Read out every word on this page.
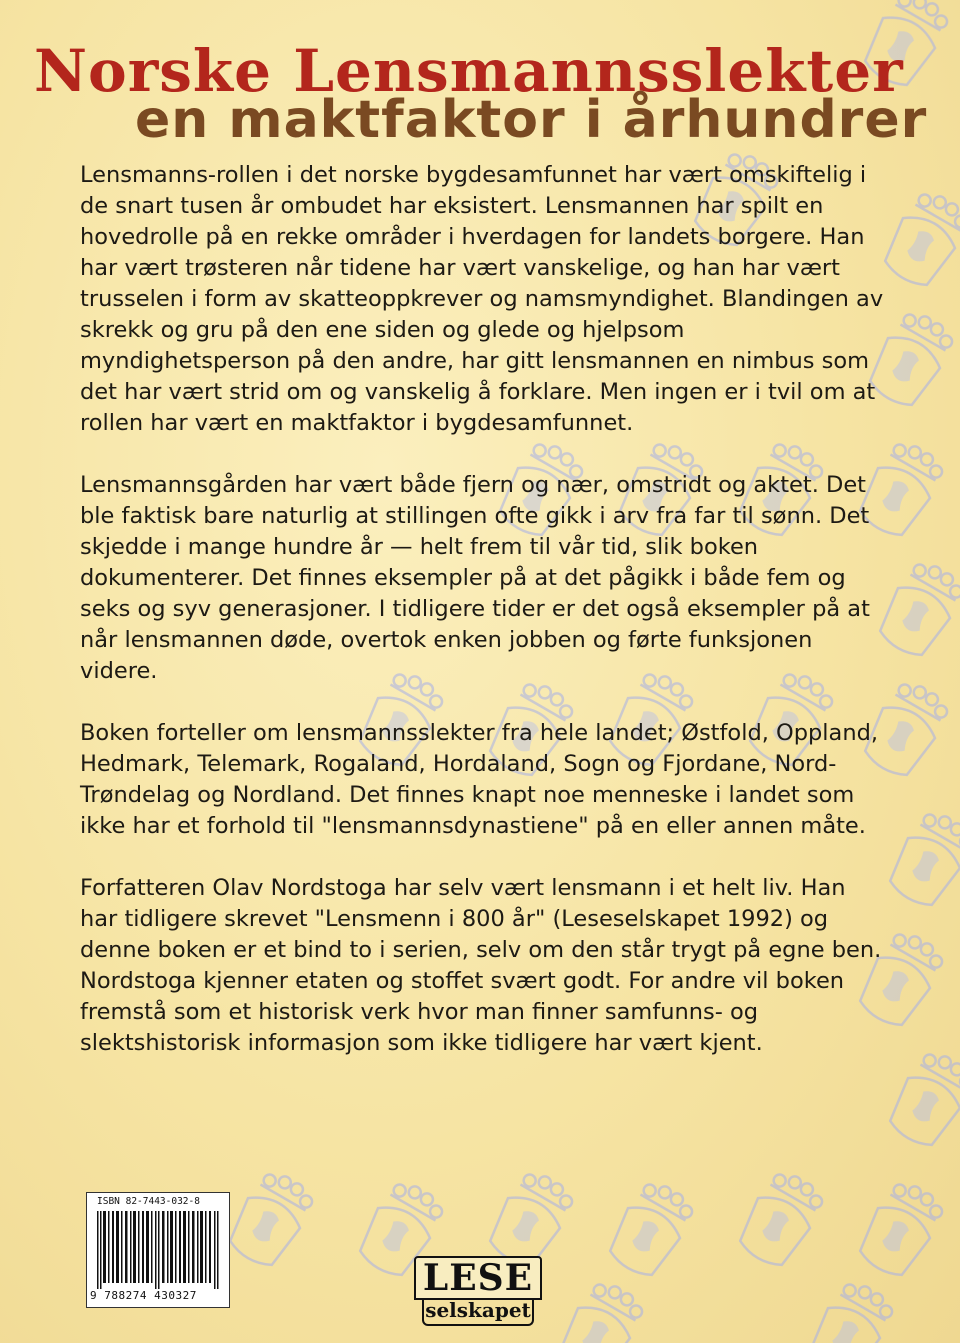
Norske Lensmannsslekter
en maktfaktor i århundrer

Lensmanns-rollen i det norske bygdesamfunnet har vært omskiftelig i de snart tusen år ombudet har eksistert. Lensmannen har spilt en hovedrolle på en rekke områder i hverdagen for landets borgere. Han har vært trøsteren når tidene har vært vanskelige, og han har vært trusselen i form av skatteoppkrever og namsmyndighet. Blandingen av skrekk og gru på den ene siden og glede og hjelpsom myndighetsperson på den andre, har gitt lensmannen en nimbus som det har vært strid om og vanskelig å forklare. Men ingen er i tvil om at rollen har vært en maktfaktor i bygdesamfunnet.

Lensmannsgården har vært både fjern og nær, omstridt og aktet. Det ble faktisk bare naturlig at stillingen ofte gikk i arv fra far til sønn. Det skjedde i mange hundre år — helt frem til vår tid, slik boken dokumenterer. Det finnes eksempler på at det pågikk i både fem og seks og syv generasjoner. I tidligere tider er det også eksempler på at når lensmannen døde, overtok enken jobben og førte funksjonen videre.

Boken forteller om lensmannsslekter fra hele landet; Østfold, Oppland, Hedmark, Telemark, Rogaland, Hordaland, Sogn og Fjordane, Nord-Trøndelag og Nordland. Det finnes knapt noe menneske i landet som ikke har et forhold til "lensmannsdynastiene" på en eller annen måte.

Forfatteren Olav Nordstoga har selv vært lensmann i et helt liv. Han har tidligere skrevet "Lensmenn i 800 år" (Leseselskapet 1992) og denne boken er et bind to i serien, selv om den står trygt på egne ben. Nordstoga kjenner etaten og stoffet svært godt. For andre vil boken fremstå som et historisk verk hvor man finner samfunns- og slektshistorisk informasjon som ikke tidligere har vært kjent.

ISBN 82-7443-032-8
9 788274 430327	LESE
selskapet
